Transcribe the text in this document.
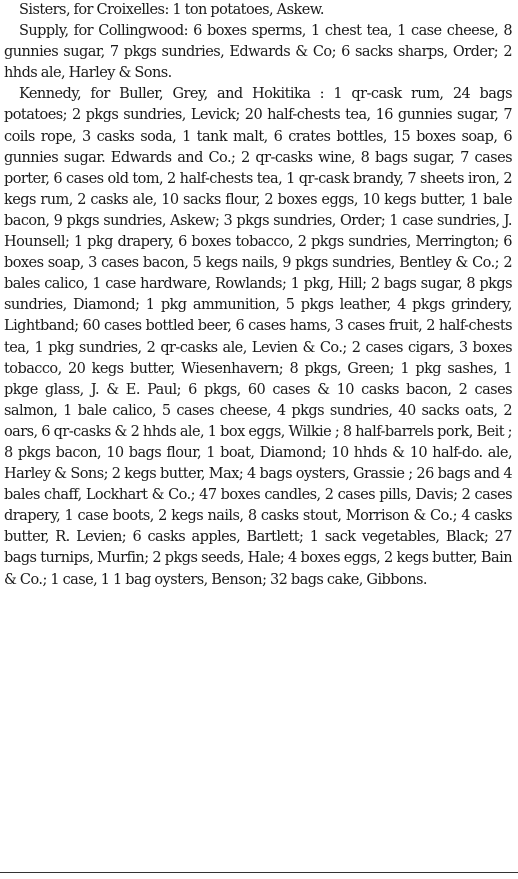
Sisters, for Croixelles: 1 ton potatoes, Askew.

Supply, for Collingwood: 6 boxes sperms, 1 chest tea, 1 case cheese, 8 gunnies sugar, 7 pkgs sundries, Edwards & Co; 6 sacks sharps, Order; 2 hhds ale, Harley & Sons.

Kennedy, for Buller, Grey, and Hokitika : 1 qr-cask rum, 24 bags potatoes; 2 pkgs sundries, Levick; 20 half-chests tea, 16 gunnies sugar, 7 coils rope, 3 casks soda, 1 tank malt, 6 crates bottles, 15 boxes soap, 6 gunnies sugar. Edwards and Co.; 2 qr-casks wine, 8 bags sugar, 7 cases porter, 6 cases old tom, 2 half-chests tea, 1 qr-cask brandy, 7 sheets iron, 2 kegs rum, 2 casks ale, 10 sacks flour, 2 boxes eggs, 10 kegs butter, 1 bale bacon, 9 pkgs sundries, Askew; 3 pkgs sundries, Order; 1 case sundries, J. Hounsell; 1 pkg drapery, 6 boxes tobacco, 2 pkgs sundries, Merrington; 6 boxes soap, 3 cases bacon, 5 kegs nails, 9 pkgs sundries, Bentley & Co.; 2 bales calico, 1 case hardware, Rowlands; 1 pkg, Hill; 2 bags sugar, 8 pkgs sundries, Diamond; 1 pkg ammunition, 5 pkgs leather, 4 pkgs grindery, Lightband; 60 cases bottled beer, 6 cases hams, 3 cases fruit, 2 half-chests tea, 1 pkg sundries, 2 qr-casks ale, Levien & Co.; 2 cases cigars, 3 boxes tobacco, 20 kegs butter, Wiesenhavern; 8 pkgs, Green; 1 pkg sashes, 1 pkge glass, J. & E. Paul; 6 pkgs, 60 cases & 10 casks bacon, 2 cases salmon, 1 bale calico, 5 cases cheese, 4 pkgs sundries, 40 sacks oats, 2 oars, 6 qr-casks & 2 hhds ale, 1 box eggs, Wilkie ; 8 half-barrels pork, Beit ; 8 pkgs bacon, 10 bags flour, 1 boat, Diamond; 10 hhds & 10 half-do. ale, Harley & Sons; 2 kegs butter, Max; 4 bags oysters, Grassie ; 26 bags and 4 bales chaff, Lockhart & Co.; 47 boxes candles, 2 cases pills, Davis; 2 cases drapery, 1 case boots, 2 kegs nails, 8 casks stout, Morrison & Co.; 4 casks butter, R. Levien; 6 casks apples, Bartlett; 1 sack vegetables, Black; 27 bags turnips, Murfin; 2 pkgs seeds, Hale; 4 boxes eggs, 2 kegs butter, Bain & Co.; 1 case, 1 1 bag oysters, Benson; 32 bags cake, Gibbons.
